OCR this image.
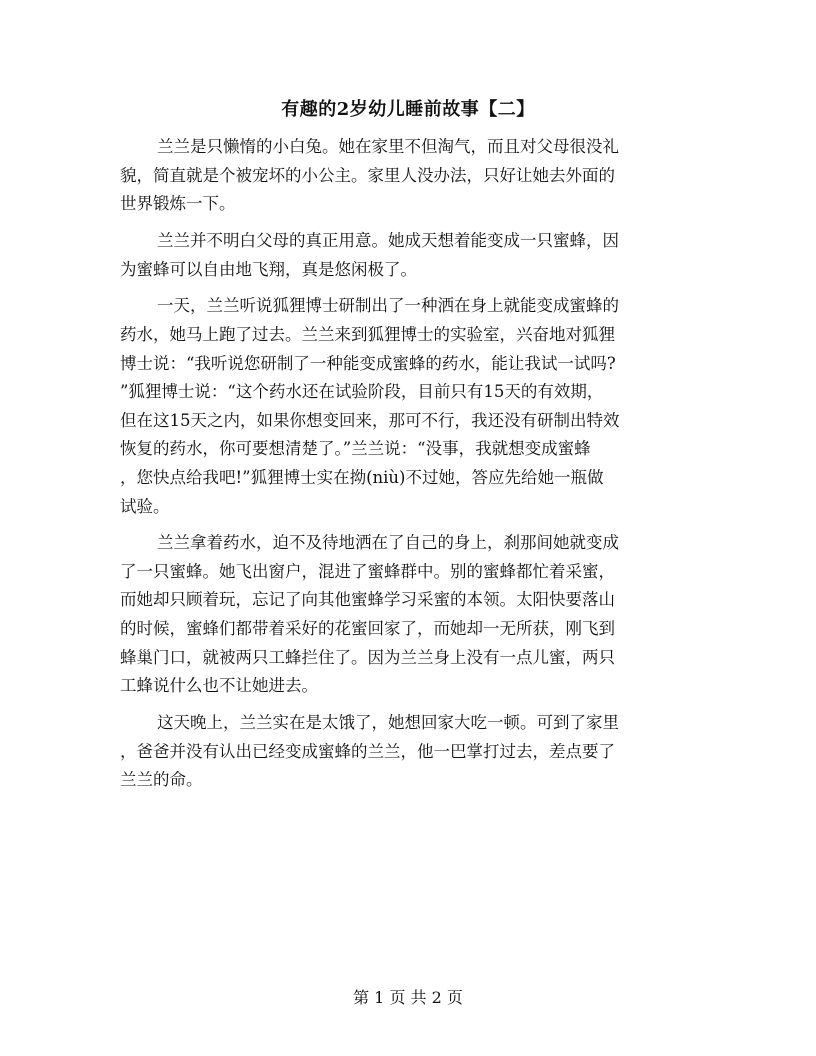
有趣的2岁幼儿睡前故事【二】
兰兰是只懒惰的小白兔。她在家里不但淘气，而且对父母很没礼
貌，简直就是个被宠坏的小公主。家里人没办法，只好让她去外面的
世界锻炼一下。
兰兰并不明白父母的真正用意。她成天想着能变成一只蜜蜂，因
为蜜蜂可以自由地飞翔，真是悠闲极了。
一天，兰兰听说狐狸博士研制出了一种洒在身上就能变成蜜蜂的
药水，她马上跑了过去。兰兰来到狐狸博士的实验室，兴奋地对狐狸
博士说：“我听说您研制了一种能变成蜜蜂的药水，能让我试一试吗?
”狐狸博士说：“这个药水还在试验阶段，目前只有15天的有效期，
但在这15天之内，如果你想变回来，那可不行，我还没有研制出特效
恢复的药水，你可要想清楚了。”兰兰说：“没事，我就想变成蜜蜂
，您快点给我吧!”狐狸博士实在拗(niù)不过她，答应先给她一瓶做
试验。
兰兰拿着药水，迫不及待地洒在了自己的身上，刹那间她就变成
了一只蜜蜂。她飞出窗户，混进了蜜蜂群中。别的蜜蜂都忙着采蜜，
而她却只顾着玩，忘记了向其他蜜蜂学习采蜜的本领。太阳快要落山
的时候，蜜蜂们都带着采好的花蜜回家了，而她却一无所获，刚飞到
蜂巢门口，就被两只工蜂拦住了。因为兰兰身上没有一点儿蜜，两只
工蜂说什么也不让她进去。
这天晚上，兰兰实在是太饿了，她想回家大吃一顿。可到了家里
，爸爸并没有认出已经变成蜜蜂的兰兰，他一巴掌打过去，差点要了
兰兰的命。
第 1 页 共 2 页
